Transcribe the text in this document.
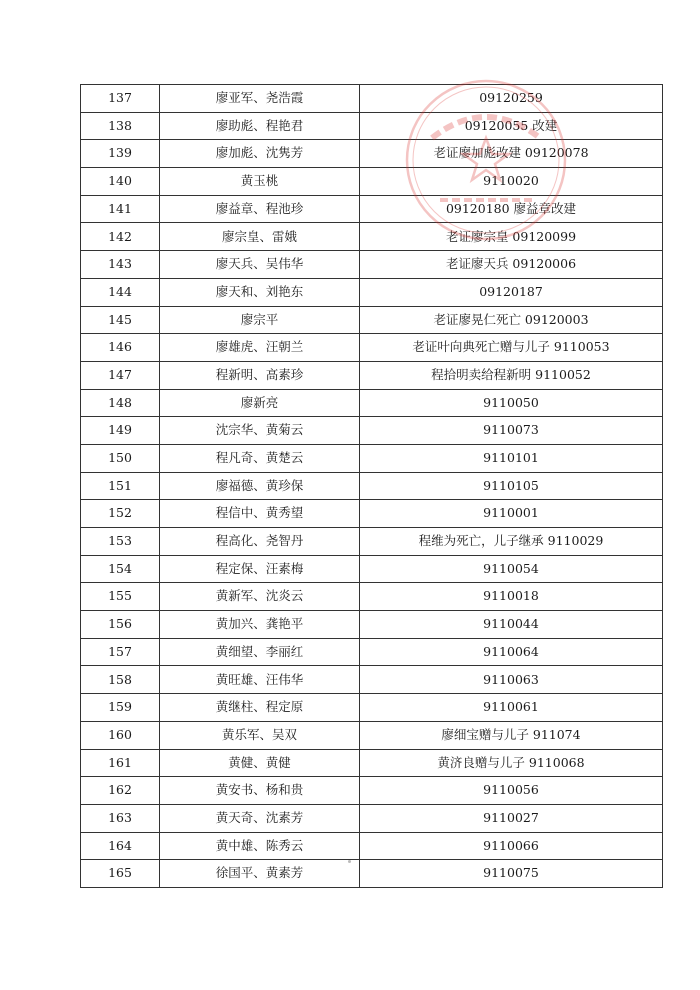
137	廖亚军、尧浩霞	09120259
138	廖助彪、程艳君	09120055 改建
139	廖加彪、沈隽芳	老证廖加彪改建 09120078
140	黄玉桃	9110020
141	廖益章、程池珍	09120180 廖益章改建
142	廖宗皇、雷娥	老证廖宗皇 09120099
143	廖天兵、吴伟华	老证廖天兵 09120006
144	廖天和、刘艳东	09120187
145	廖宗平	老证廖晃仁死亡 09120003
146	廖雄虎、汪朝兰	老证叶向典死亡赠与儿子 9110053
147	程新明、高素珍	程拾明卖给程新明 9110052
148	廖新亮	9110050
149	沈宗华、黄菊云	9110073
150	程凡奇、黄楚云	9110101
151	廖福德、黄珍保	9110105
152	程信中、黄秀望	9110001
153	程高化、尧智丹	程维为死亡，儿子继承 9110029
154	程定保、汪素梅	9110054
155	黄新军、沈炎云	9110018
156	黄加兴、龚艳平	9110044
157	黄细望、李丽红	9110064
158	黄旺雄、汪伟华	9110063
159	黄继柱、程定原	9110061
160	黄乐军、吴双	廖细宝赠与儿子 911074
161	黄健、黄健	黄济良赠与儿子 9110068
162	黄安书、杨和贵	9110056
163	黄天奇、沈素芳	9110027
164	黄中雄、陈秀云	9110066
165	徐国平、黄素芳	9110075
